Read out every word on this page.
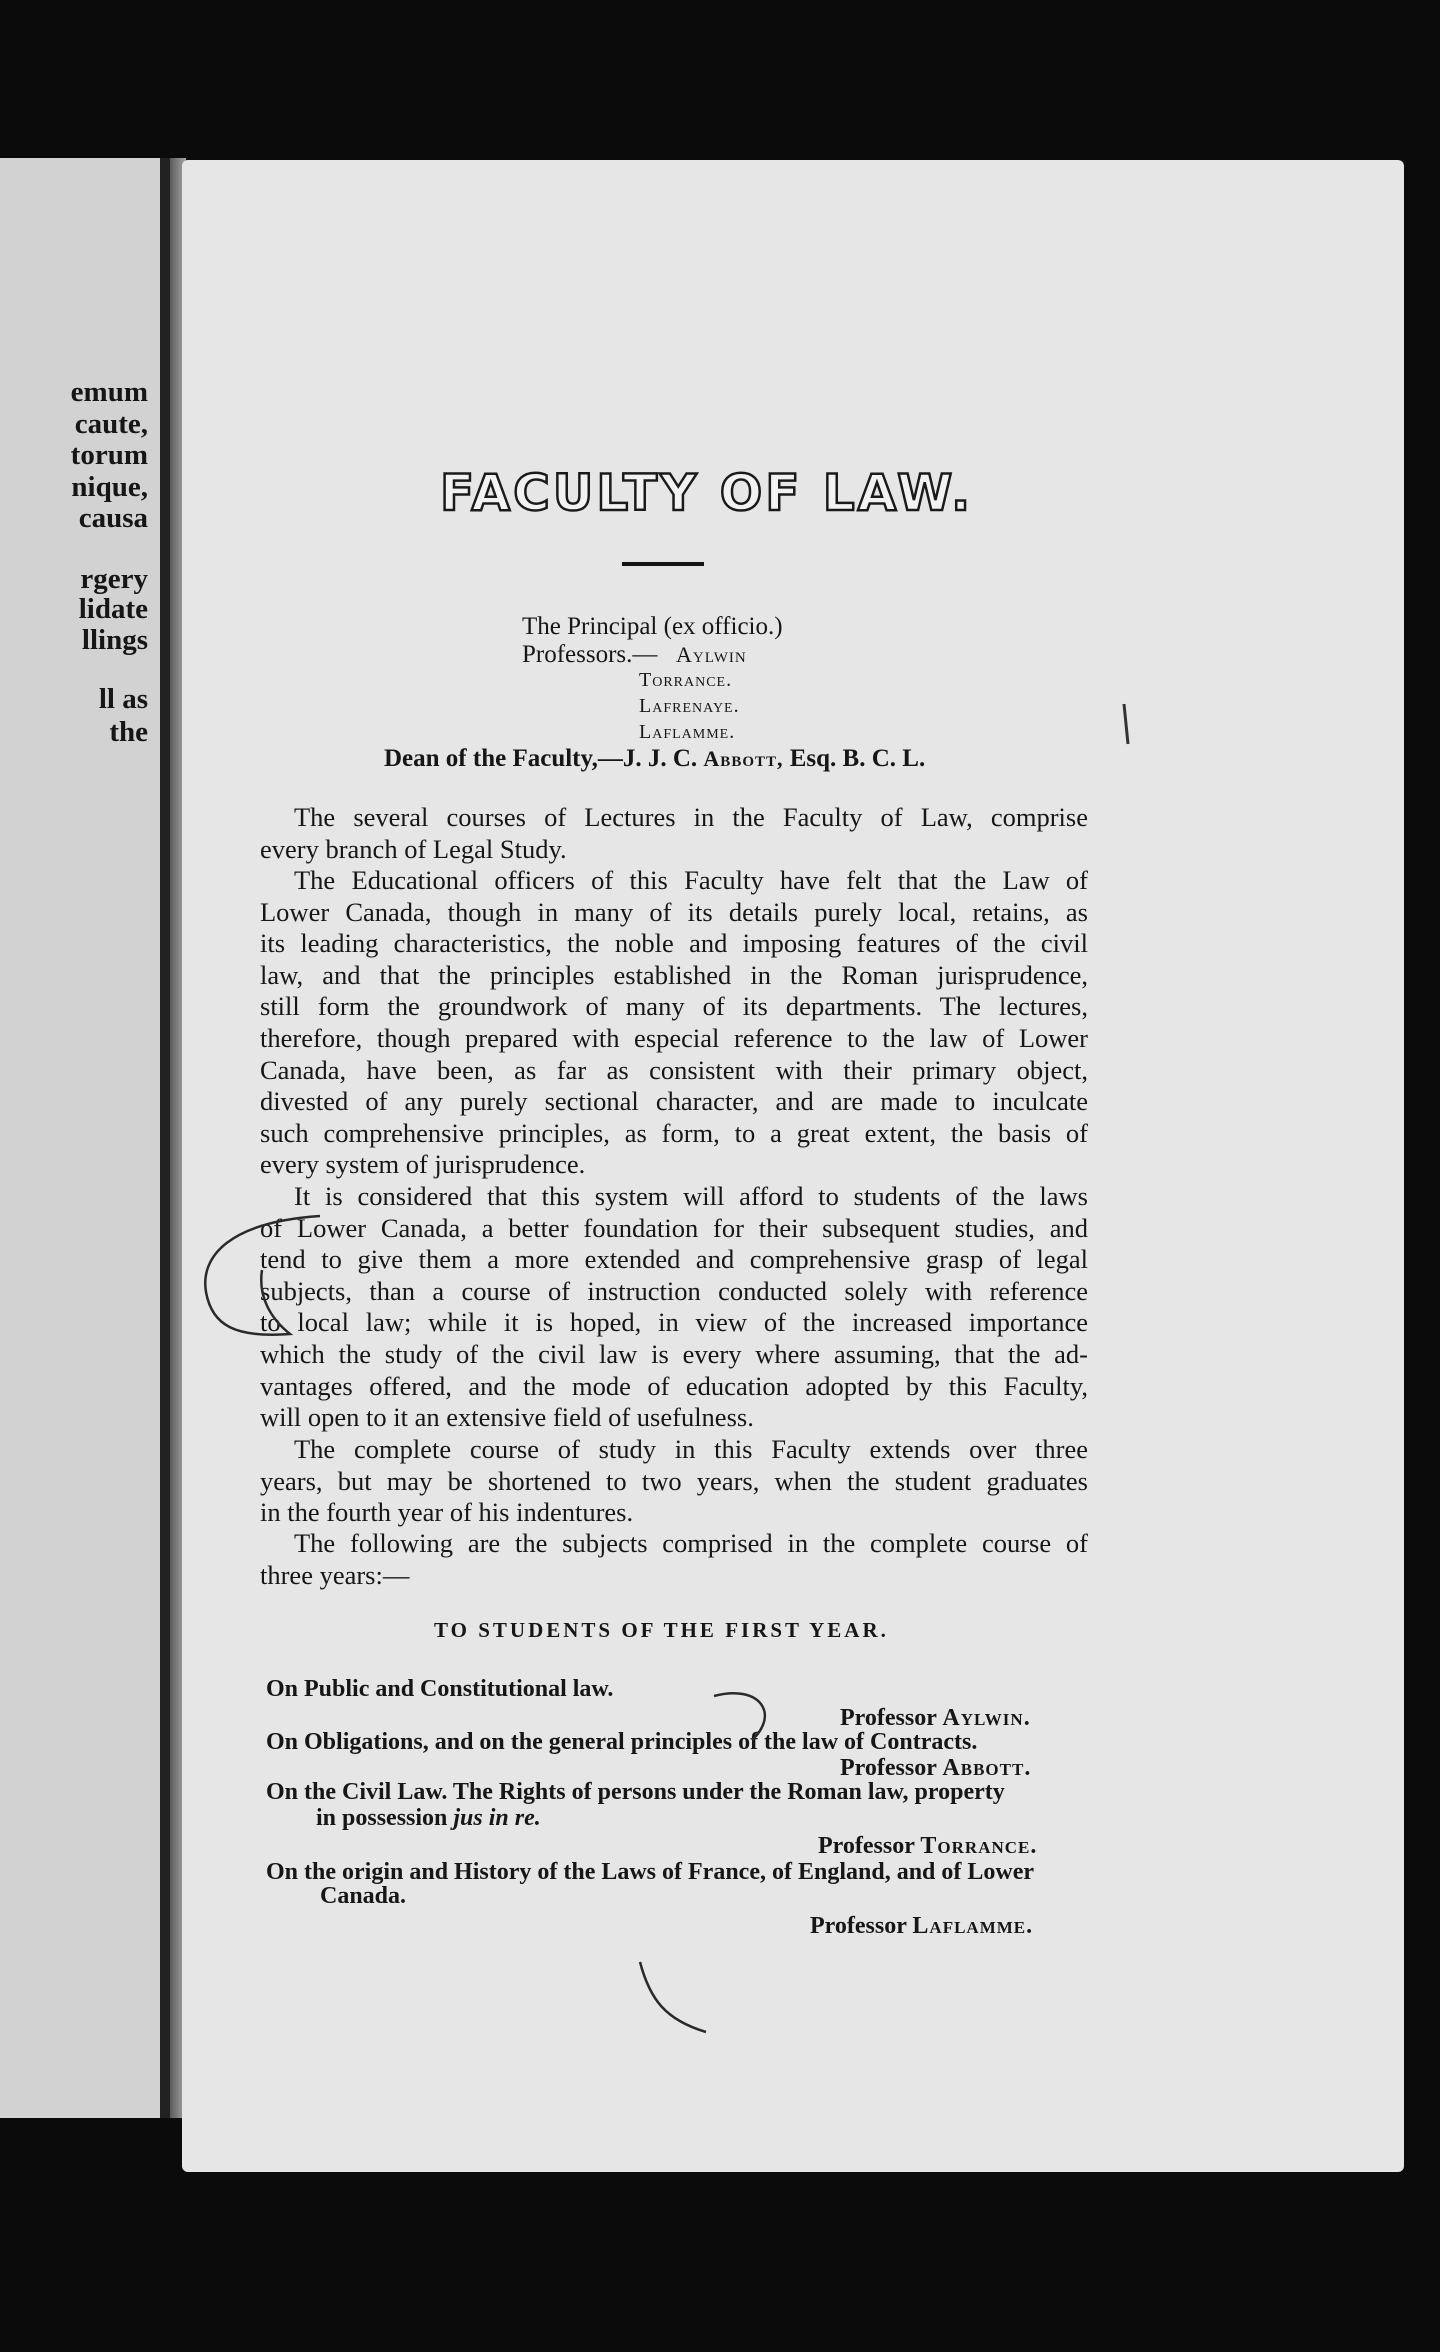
emum
caute,
torum
nique,
causa
rgery
lidate
llings
ll as
the
FACULTY OF LAW.
The Principal (ex officio.)
Professors.— Aylwin
Torrance.
Lafrenaye.
Laflamme.
Dean of the Faculty,—J. J. C. Abbott, Esq. B. C. L.
The several courses of Lectures in the Faculty of Law, comprise
every branch of Legal Study.
The Educational officers of this Faculty have felt that the Law of
Lower Canada, though in many of its details purely local, retains, as
its leading characteristics, the noble and imposing features of the civil
law, and that the principles established in the Roman jurisprudence,
still form the groundwork of many of its departments. The lectures,
therefore, though prepared with especial reference to the law of Lower
Canada, have been, as far as consistent with their primary object,
divested of any purely sectional character, and are made to inculcate
such comprehensive principles, as form, to a great extent, the basis of
every system of jurisprudence.
It is considered that this system will afford to students of the laws
of Lower Canada, a better foundation for their subsequent studies, and
tend to give them a more extended and comprehensive grasp of legal
subjects, than a course of instruction conducted solely with reference
to local law; while it is hoped, in view of the increased importance
which the study of the civil law is every where assuming, that the ad-
vantages offered, and the mode of education adopted by this Faculty,
will open to it an extensive field of usefulness.
The complete course of study in this Faculty extends over three
years, but may be shortened to two years, when the student graduates
in the fourth year of his indentures.
The following are the subjects comprised in the complete course of
three years:—
TO STUDENTS OF THE FIRST YEAR.
On Public and Constitutional law.
Professor Aylwin.
On Obligations, and on the general principles of the law of Contracts.
Professor Abbott.
On the Civil Law. The Rights of persons under the Roman law, property
in possession jus in re.
Professor Torrance.
On the origin and History of the Laws of France, of England, and of Lower
Canada.
Professor Laflamme.
